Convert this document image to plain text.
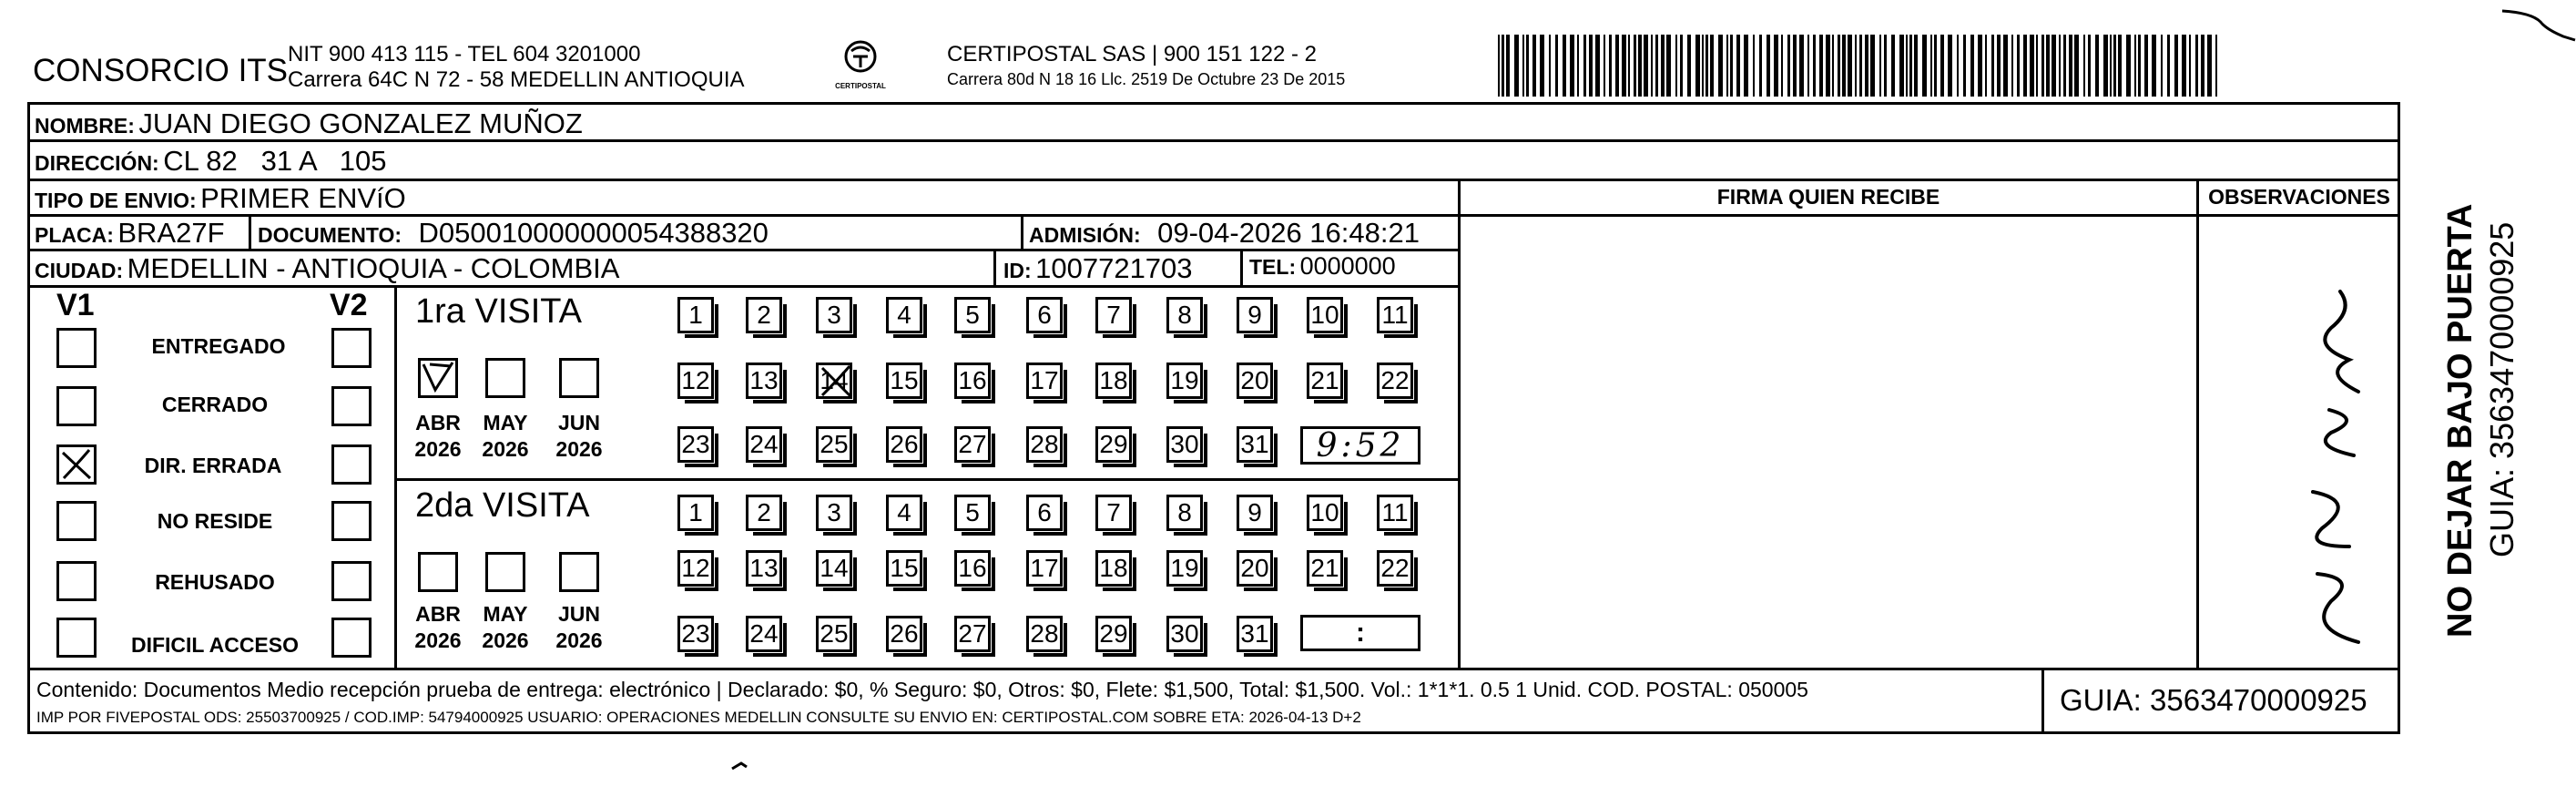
CONSORCIO ITS NIT 900 413 115 - TEL 604 3201000
Carrera 64C N 72 - 58 MEDELLIN ANTIOQUIA	CERTIPOSTAL
CERTIPOSTAL SAS | 900 151 122 - 2
Carrera 80d N 18 16 Llc. 2519 De Octubre 23 De 2015
NOMBRE: JUAN DIEGO GONZALEZ MUÑOZ
DIRECCIÓN: CL 82   31 A   105
TIPO DE ENVIO: PRIMER ENVíO	FIRMA QUIEN RECIBE	OBSERVACIONES
PLACA: BRA27F DOCUMENTO: D050010000000054388320	ADMISIÓN: 09-04-2026 16:48:21
CIUDAD: MEDELLIN - ANTIOQUIA - COLOMBIA	ID: 1007721703	TEL: 0000000
V1	V2
ENTREGADO
CERRADO
DIR. ERRADA
NO RESIDE
REHUSADO
DIFICIL ACCESO
1ra VISITA
ABR
2026
MAY
2026
JUN
2026
1	2	3	4	5	6	7	8	9	10 11
12 13 14 15 16 17 18 19 20 21 22
23 24 25 26 27 28 29 30 31	9:52
2da VISITA
ABR
2026
MAY
2026
JUN
2026
1	2	3	4	5	6	7	8	9	10 11
12 13 14 15 16 17 18 19 20 21 22
23 24 25 26 27 28 29 30 31	:
Contenido: Documentos Medio recepción prueba de entrega: electrónico | Declarado: $0, % Seguro: $0, Otros: $0, Flete: $1,500, Total: $1,500. Vol.: 1*1*1. 0.5 1 Unid. COD. POSTAL: 050005
IMP POR FIVEPOSTAL ODS: 25503700925 / COD.IMP: 54794000925 USUARIO: OPERACIONES MEDELLIN CONSULTE SU ENVIO EN: CERTIPOSTAL.COM SOBRE ETA: 2026-04-13 D+2
GUIA: 3563470000925
NO DEJAR BAJO PUERTA GUIA: 3563470000925
